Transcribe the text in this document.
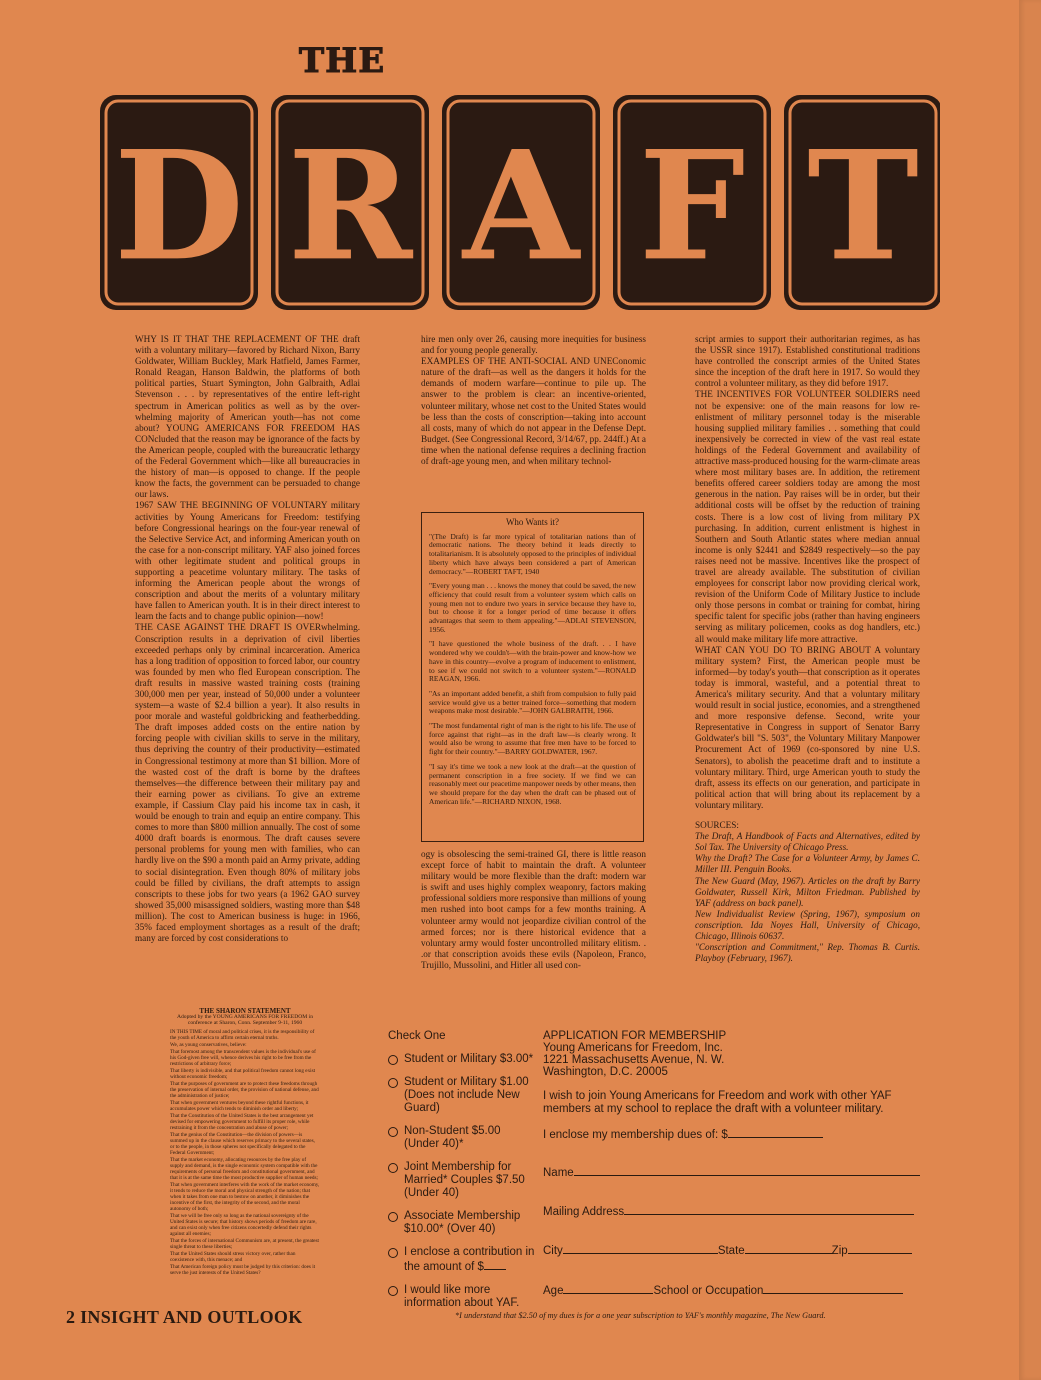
THE
D R A F T

WHY IS IT THAT THE REPLACEMENT OF THE draft with a voluntary military—favored by Richard Nixon, Barry Goldwater, William Buckley, Mark Hatfield, James Farmer, Ronald Reagan, Hanson Baldwin, the platforms of both political parties, Stuart Symington, John Galbraith, Adlai Stevenson . . . by representatives of the entire left-right spectrum in American politics as well as by the over-whelming majority of American youth—has not come about? YOUNG AMERICANS FOR FREEDOM HAS CONcluded that the reason may be ignorance of the facts by the American people, coupled with the bureaucratic lethargy of the Federal Government which—like all bureaucracies in the history of man—is opposed to change. If the people know the facts, the government can be persuaded to change our laws.

1967 SAW THE BEGINNING OF VOLUNTARY military activities by Young Americans for Freedom: testifying before Congressional hearings on the four-year renewal of the Selective Service Act, and informing American youth on the case for a non-conscript military. YAF also joined forces with other legitimate student and political groups in supporting a peacetime voluntary military. The tasks of informing the American people about the wrongs of conscription and about the merits of a voluntary military have fallen to American youth. It is in their direct interest to learn the facts and to change public opinion—now!

THE CASE AGAINST THE DRAFT IS OVERwhelming. Conscription results in a deprivation of civil liberties exceeded perhaps only by criminal incarceration. America has a long tradition of opposition to forced labor, our country was founded by men who fled European conscription. The draft results in massive wasted training costs (training 300,000 men per year, instead of 50,000 under a volunteer system—a waste of $2.4 billion a year). It also results in poor morale and wasteful goldbricking and featherbedding. The draft imposes added costs on the entire nation by forcing people with civilian skills to serve in the military, thus depriving the country of their productivity—estimated in Congressional testimony at more than $1 billion. More of the wasted cost of the draft is borne by the draftees themselves—the difference between their military pay and their earning power as civilians. To give an extreme example, if Cassium Clay paid his income tax in cash, it would be enough to train and equip an entire company. This comes to more than $800 million annually. The cost of some 4000 draft boards is enormous. The draft causes severe personal problems for young men with families, who can hardly live on the $90 a month paid an Army private, adding to social disintegration. Even though 80% of military jobs could be filled by civilians, the draft attempts to assign conscripts to these jobs for two years (a 1962 GAO survey showed 35,000 misassigned soldiers, wasting more than $48 million). The cost to American business is huge: in 1966, 35% faced employment shortages as a result of the draft; many are forced by cost considerations to

hire men only over 26, causing more inequities for business and for young people generally.

EXAMPLES OF THE ANTI-SOCIAL AND UNEConomic nature of the draft—as well as the dangers it holds for the demands of modern warfare—continue to pile up. The answer to the problem is clear: an incentive-oriented, volunteer military, whose net cost to the United States would be less than the costs of conscription—taking into account all costs, many of which do not appear in the Defense Dept. Budget. (See Congressional Record, 3/14/67, pp. 244ff.) At a time when the national defense requires a declining fraction of draft-age young men, and when military technol-

Who Wants it?

"(The Draft) is far more typical of totalitarian nations than of democratic nations. The theory behind it leads directly to totalitarianism. It is absolutely opposed to the principles of individual liberty which have always been considered a part of American democracy."—ROBERT TAFT, 1940

"Every young man . . . knows the money that could be saved, the new efficiency that could result from a volunteer system which calls on young men not to endure two years in service because they have to, but to choose it for a longer period of time because it offers advantages that seem to them appealing."—ADLAI STEVENSON, 1956.

"I have questioned the whole business of the draft. . . I have wondered why we couldn't—with the brain-power and know-how we have in this country—evolve a program of inducement to enlistment, to see if we could not switch to a volunteer system."—RONALD REAGAN, 1966.

"As an important added benefit, a shift from compulsion to fully paid service would give us a better trained force—something that modern weapons make most desirable."—JOHN GALBRAITH, 1966.

"The most fundamental right of man is the right to his life. The use of force against that right—as in the draft law—is clearly wrong. It would also be wrong to assume that free men have to be forced to fight for their country."—BARRY GOLDWATER, 1967.

"I say it's time we took a new look at the draft—at the question of permanent conscription in a free society. If we find we can reasonably meet our peacetime manpower needs by other means, then we should prepare for the day when the draft can be phased out of American life."—RICHARD NIXON, 1968.

ogy is obsolescing the semi-trained GI, there is little reason except force of habit to maintain the draft. A volunteer military would be more flexible than the draft: modern war is swift and uses highly complex weaponry, factors making professional soldiers more responsive than millions of young men rushed into boot camps for a few months training. A volunteer army would not jeopardize civilian control of the armed forces; nor is there historical evidence that a voluntary army would foster uncontrolled military elitism. . .or that conscription avoids these evils (Napoleon, Franco, Trujillo, Mussolini, and Hitler all used con-

script armies to support their authoritarian regimes, as has the USSR since 1917). Established constitutional traditions have controlled the conscript armies of the United States since the inception of the draft here in 1917. So would they control a volunteer military, as they did before 1917.

THE INCENTIVES FOR VOLUNTEER SOLDIERS need not be expensive: one of the main reasons for low re-enlistment of military personnel today is the miserable housing supplied military families . . something that could inexpensively be corrected in view of the vast real estate holdings of the Federal Government and availability of attractive mass-produced housing for the warm-climate areas where most military bases are. In addition, the retirement benefits offered career soldiers today are among the most generous in the nation. Pay raises will be in order, but their additional costs will be offset by the reduction of training costs. There is a low cost of living from military PX purchasing. In addition, current enlistment is highest in Southern and South Atlantic states where median annual income is only $2441 and $2849 respectively—so the pay raises need not be massive. Incentives like the prospect of travel are already available. The substitution of civilian employees for conscript labor now providing clerical work, revision of the Uniform Code of Military Justice to include only those persons in combat or training for combat, hiring specific talent for specific jobs (rather than having engineers serving as military policemen, cooks as dog handlers, etc.) all would make military life more attractive.

WHAT CAN YOU DO TO BRING ABOUT A voluntary military system? First, the American people must be informed—by today's youth—that conscription as it operates today is immoral, wasteful, and a potential threat to America's military security. And that a voluntary military would result in social justice, economies, and a strengthened and more responsive defense. Second, write your Representative in Congress in support of Senator Barry Goldwater's bill "S. 503", the Voluntary Military Manpower Procurement Act of 1969 (co-sponsored by nine U.S. Senators), to abolish the peacetime draft and to institute a voluntary military. Third, urge American youth to study the draft, assess its effects on our generation, and participate in political action that will bring about its replacement by a voluntary military.

SOURCES:

The Draft, A Handbook of Facts and Alternatives, edited by Sol Tax. The University of Chicago Press.

Why the Draft? The Case for a Volunteer Army, by James C. Miller III. Penguin Books.

The New Guard (May, 1967). Articles on the draft by Barry Goldwater, Russell Kirk, Milton Friedman. Published by YAF (address on back panel).

New Individualist Review (Spring, 1967), symposium on conscription. Ida Noyes Hall, University of Chicago, Chicago, Illinois 60637.

"Conscription and Commitment," Rep. Thomas B. Curtis. Playboy (February, 1967).

THE SHARON STATEMENT
Adopted by the YOUNG AMERICANS FOR FREEDOM in conference at Sharon, Conn. September 9-11, 1960

IN THIS TIME of moral and political crises, it is the responsibility of the youth of America to affirm certain eternal truths.

We, as young conservatives, believe:

That foremost among the transcendent values is the individual's use of his God-given free will, whence derives his right to be free from the restrictions of arbitrary force;

That liberty is indivisible, and that political freedom cannot long exist without economic freedom;

That the purposes of government are to protect these freedoms through the preservation of internal order, the provision of national defense, and the administration of justice;

That when government ventures beyond these rightful functions, it accumulates power which tends to diminish order and liberty;

That the Constitution of the United States is the best arrangement yet devised for empowering government to fulfill its proper role, while restraining it from the concentration and abuse of power;

That the genius of the Constitution—the division of powers—is summed up in the clause which reserves primacy to the several states, or to the people, in those spheres not specifically delegated to the Federal Government;

That the market economy, allocating resources by the free play of supply and demand, is the single economic system compatible with the requirements of personal freedom and constitutional government, and that it is at the same time the most productive supplier of human needs;

That when government interferes with the work of the market economy, it tends to reduce the moral and physical strength of the nation; that when it takes from one man to bestow on another, it diminishes the incentive of the first, the integrity of the second, and the moral autonomy of both;

That we will be free only so long as the national sovereignty of the United States is secure; that history shows periods of freedom are rare, and can exist only when free citizens concertedly defend their rights against all enemies;

That the forces of international Communism are, at present, the greatest single threat to these liberties;

That the United States should stress victory over, rather than coexistence with, this menace; and

That American foreign policy must be judged by this criterion: does it serve the just interests of the United States?

Check One
Student or Military $3.00*
Student or Military $1.00 (Does not include New Guard)
Non-Student $5.00 (Under 40)*
Joint Membership for Married* Couples $7.50 (Under 40)
Associate Membership $10.00* (Over 40)
I enclose a contribution in the amount of $
I would like more information about YAF.
APPLICATION FOR MEMBERSHIP
Young Americans for Freedom, Inc.
1221 Massachusetts Avenue, N. W.
Washington, D.C. 20005
I wish to join Young Americans for Freedom and work with other YAF members at my school to replace the draft with a volunteer military.
I enclose my membership dues of: $
Name
Mailing Address
City	State	Zip
Age	School or Occupation
2 INSIGHT AND OUTLOOK	*I understand that $2.50 of my dues is for a one year subscription to YAF's monthly magazine, The New Guard.
